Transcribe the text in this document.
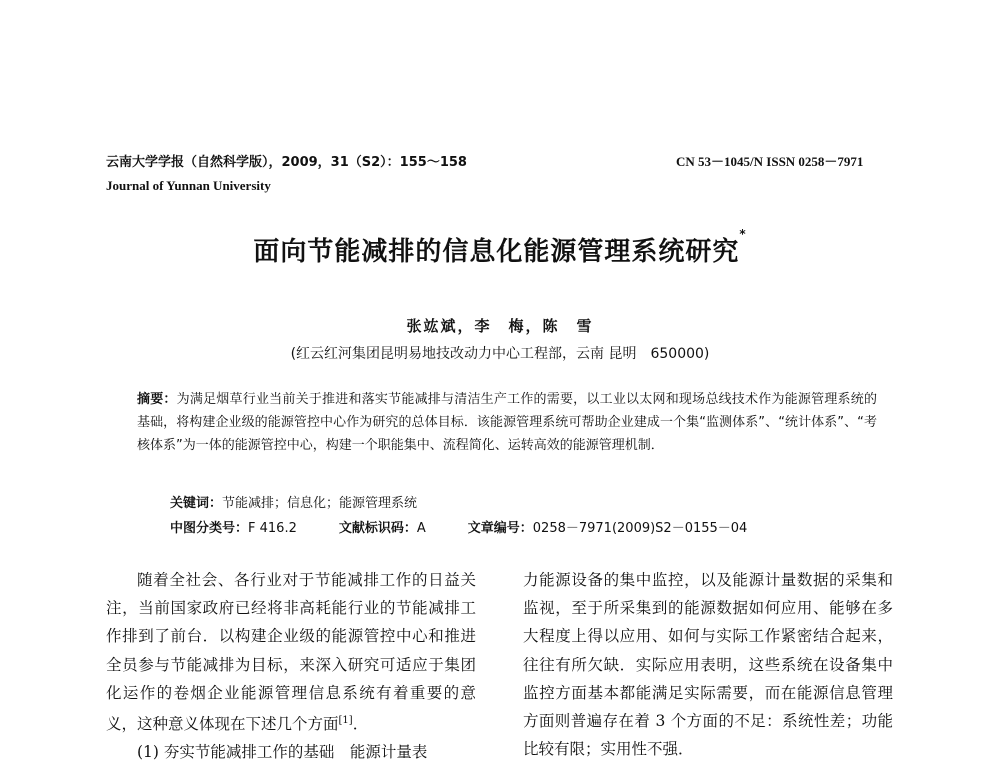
云南大学学报（自然科学版），2009，31（S2）：155～158	CN 53－1045/N ISSN 0258－7971
Journal of Yunnan University
面向节能减排的信息化能源管理系统研究*
张竑斌，李　梅，陈　雪
(红云红河集团昆明易地技改动力中心工程部，云南 昆明　650000)
摘要：为满足烟草行业当前关于推进和落实节能减排与清洁生产工作的需要，以工业以太网和现场总线技术作为能源管理系统的基础，将构建企业级的能源管控中心作为研究的总体目标．该能源管理系统可帮助企业建成一个集“监测体系”、“统计体系”、“考核体系”为一体的能源管控中心，构建一个职能集中、流程简化、运转高效的能源管理机制．
关键词：节能减排；信息化；能源管理系统
中图分类号：F 416.2	文献标识码：A	文章编号：0258－7971(2009)S2－0155－04

随着全社会、各行业对于节能减排工作的日益关注，当前国家政府已经将非高耗能行业的节能减排工作排到了前台．以构建企业级的能源管控中心和推进全员参与节能减排为目标，来深入研究可适应于集团化运作的卷烟企业能源管理信息系统有着重要的意义，这种意义体现在下述几个方面[1]．

(1) 夯实节能减排工作的基础　能源计量表

力能源设备的集中监控，以及能源计量数据的采集和监视，至于所采集到的能源数据如何应用、能够在多大程度上得以应用、如何与实际工作紧密结合起来，往往有所欠缺．实际应用表明，这些系统在设备集中监控方面基本都能满足实际需要，而在能源信息管理方面则普遍存在着 3 个方面的不足：系统性差；功能比较有限；实用性不强．
